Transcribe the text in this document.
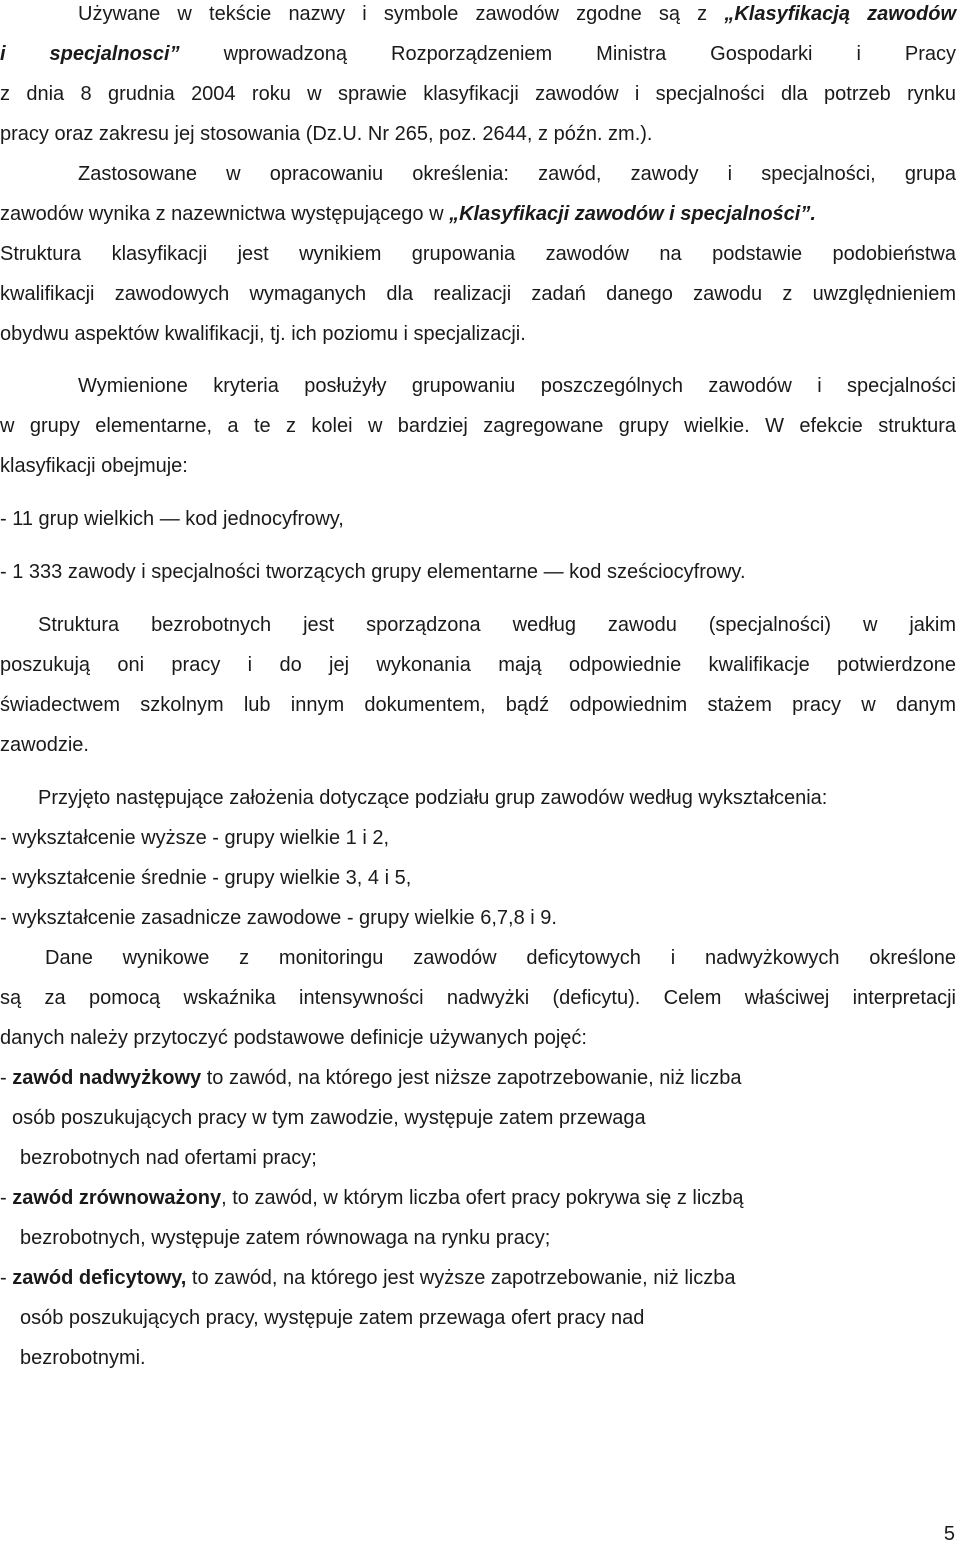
Używane w tekście nazwy i symbole zawodów zgodne są z „Klasyfikacją zawodów
i specjalnosci” wprowadzoną Rozporządzeniem Ministra Gospodarki i Pracy
z dnia 8 grudnia 2004 roku w sprawie klasyfikacji zawodów i specjalności dla potrzeb rynku
pracy oraz zakresu jej stosowania (Dz.U. Nr 265, poz. 2644, z późn. zm.).
Zastosowane w opracowaniu określenia: zawód, zawody i specjalności, grupa
zawodów wynika z nazewnictwa występującego w „Klasyfikacji zawodów i specjalności”.
Struktura klasyfikacji jest wynikiem grupowania zawodów na podstawie podobieństwa
kwalifikacji zawodowych wymaganych dla realizacji zadań danego zawodu z uwzględnieniem
obydwu aspektów kwalifikacji, tj. ich poziomu i specjalizacji.
Wymienione kryteria posłużyły grupowaniu poszczególnych zawodów i specjalności
w grupy elementarne, a te z kolei w bardziej zagregowane grupy wielkie. W efekcie struktura
klasyfikacji obejmuje:
- 11 grup wielkich — kod jednocyfrowy,
- 1 333 zawody i specjalności tworzących grupy elementarne — kod sześciocyfrowy.
Struktura bezrobotnych jest sporządzona według zawodu (specjalności) w jakim
poszukują oni pracy i do jej wykonania mają odpowiednie kwalifikacje potwierdzone
świadectwem szkolnym lub innym dokumentem, bądź odpowiednim stażem pracy w danym
zawodzie.
Przyjęto następujące założenia dotyczące podziału grup zawodów według wykształcenia:
- wykształcenie wyższe - grupy wielkie 1 i 2,
- wykształcenie średnie - grupy wielkie 3, 4 i 5,
- wykształcenie zasadnicze zawodowe - grupy wielkie 6,7,8 i 9.
Dane wynikowe z monitoringu zawodów deficytowych i nadwyżkowych określone
są za pomocą wskaźnika intensywności nadwyżki (deficytu). Celem właściwej interpretacji
danych należy przytoczyć podstawowe definicje używanych pojęć:
- zawód nadwyżkowy to zawód, na którego jest niższe zapotrzebowanie, niż liczba
osób poszukujących pracy w tym zawodzie, występuje zatem przewaga
bezrobotnych nad ofertami pracy;
- zawód zrównoważony, to zawód, w którym liczba ofert pracy pokrywa się z liczbą
bezrobotnych, występuje zatem równowaga na rynku pracy;
- zawód deficytowy, to zawód, na którego jest wyższe zapotrzebowanie, niż liczba
osób poszukujących pracy, występuje zatem przewaga ofert pracy nad
bezrobotnymi.
5
